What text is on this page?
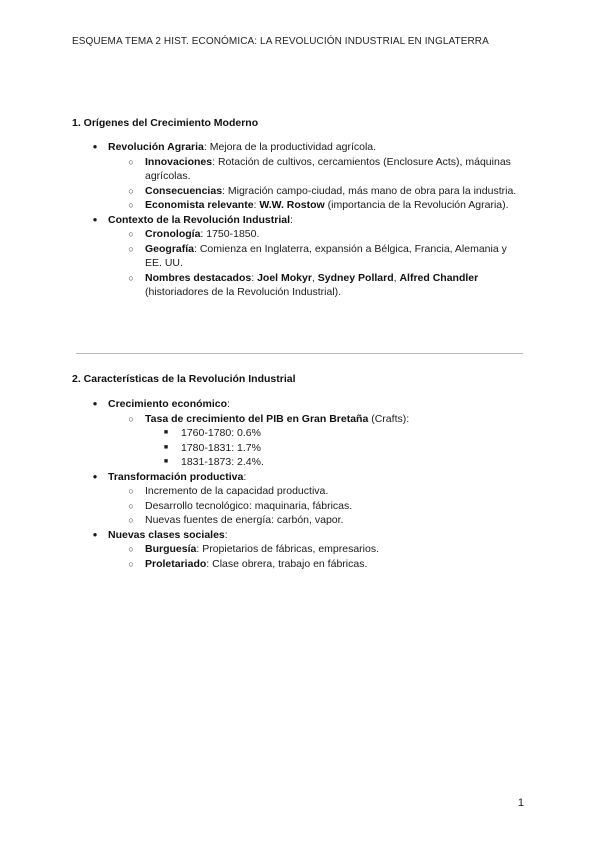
ESQUEMA TEMA 2 HIST. ECONÓMICA: LA REVOLUCIÓN INDUSTRIAL EN INGLATERRA
1. Orígenes del Crecimiento Moderno
● Revolución Agraria: Mejora de la productividad agrícola.
○	Innovaciones: Rotación de cultivos, cercamientos (Enclosure Acts), máquinas agrícolas.
○	Consecuencias: Migración campo-ciudad, más mano de obra para la industria.
○	Economista relevante: W.W. Rostow (importancia de la Revolución Agraria).
● Contexto de la Revolución Industrial:
○	Cronología: 1750-1850.
○	Geografía: Comienza en Inglaterra, expansión a Bélgica, Francia, Alemania y EE. UU.
○	Nombres destacados: Joel Mokyr, Sydney Pollard, Alfred Chandler (historiadores de la Revolución Industrial).
2. Características de la Revolución Industrial
● Crecimiento económico:
○	Tasa de crecimiento del PIB en Gran Bretaña (Crafts):
■	1760-1780: 0.6%
■	1780-1831: 1.7%
■	1831-1873: 2.4%.
● Transformación productiva:
○	Incremento de la capacidad productiva.
○	Desarrollo tecnológico: maquinaria, fábricas.
○	Nuevas fuentes de energía: carbón, vapor.
● Nuevas clases sociales:
○	Burguesía: Propietarios de fábricas, empresarios.
○	Proletariado: Clase obrera, trabajo en fábricas.
1
